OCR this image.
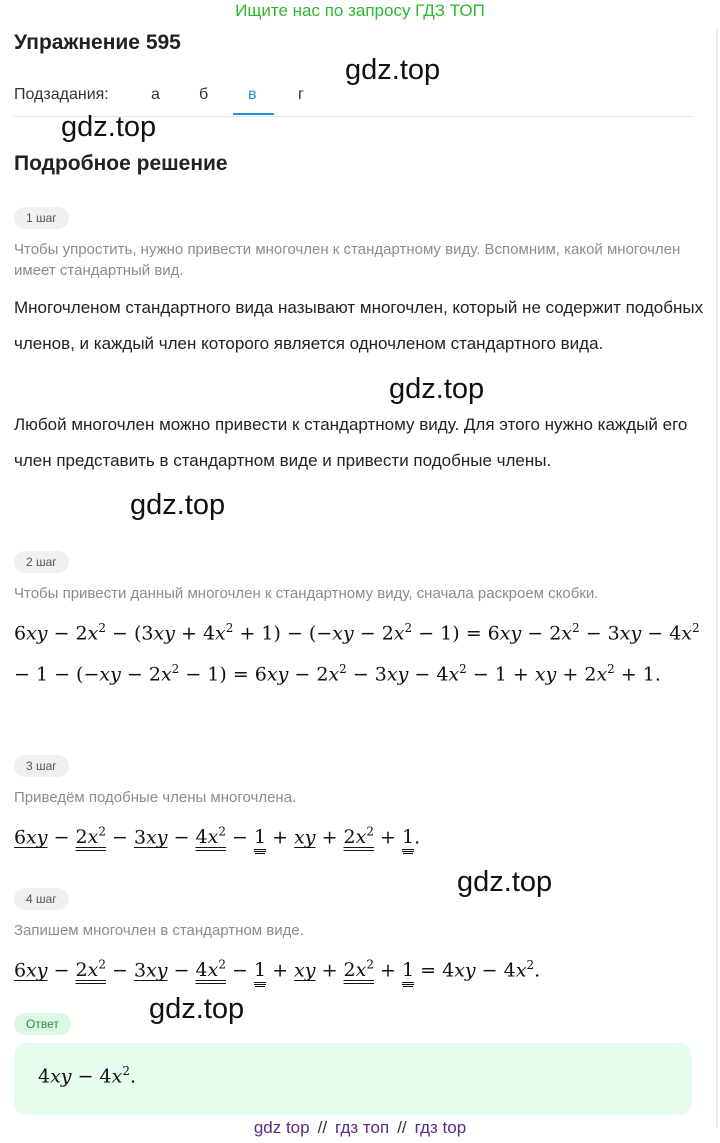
Ищите нас по запросу ГДЗ ТОП
Упражнение 595
Подзадания:	а б в	г
gdz.top
gdz.top
Подробное решение
1 шаг
Чтобы упростить, нужно привести многочлен к стандартному виду. Вспомним, какой многочлен имеет стандартный вид.
Многочленом стандартного вида называют многочлен, который не содержит подобных членов, и каждый член которого является одночленом стандартного вида.
gdz.top
Любой многочлен можно привести к стандартному виду. Для этого нужно каждый его член представить в стандартном виде и привести подобные члены.
gdz.top
2 шаг
Чтобы привести данный многочлен к стандартному виду, сначала раскроем скобки.
$6xy - 2x^2 - (3xy + 4x^2 + 1) - (-xy - 2x^2 - 1) = 6xy - 2x^2 - 3xy - 4x^2 - 1 - (-xy - 2x^2 - 1) = 6xy - 2x^2 - 3xy - 4x^2 - 1$ + xy + $2x^2 + 1$.
3 шаг
Приведём подобные члены многочлена.
$6xy - 2x^2 - 3xy - 4x^2 - 1$ + xy + $2x^2 + 1$.
gdz.top
4 шаг
Запишем многочлен в стандартном виде.
$6xy - 2x^2 - 3xy - 4x^2 - 1$ + xy + $2x^2 + 1 = 4xy - 4x^2$.
gdz.top
Ответ
$4xy - 4x^2$.
gdz top // гдз топ // гдз top
